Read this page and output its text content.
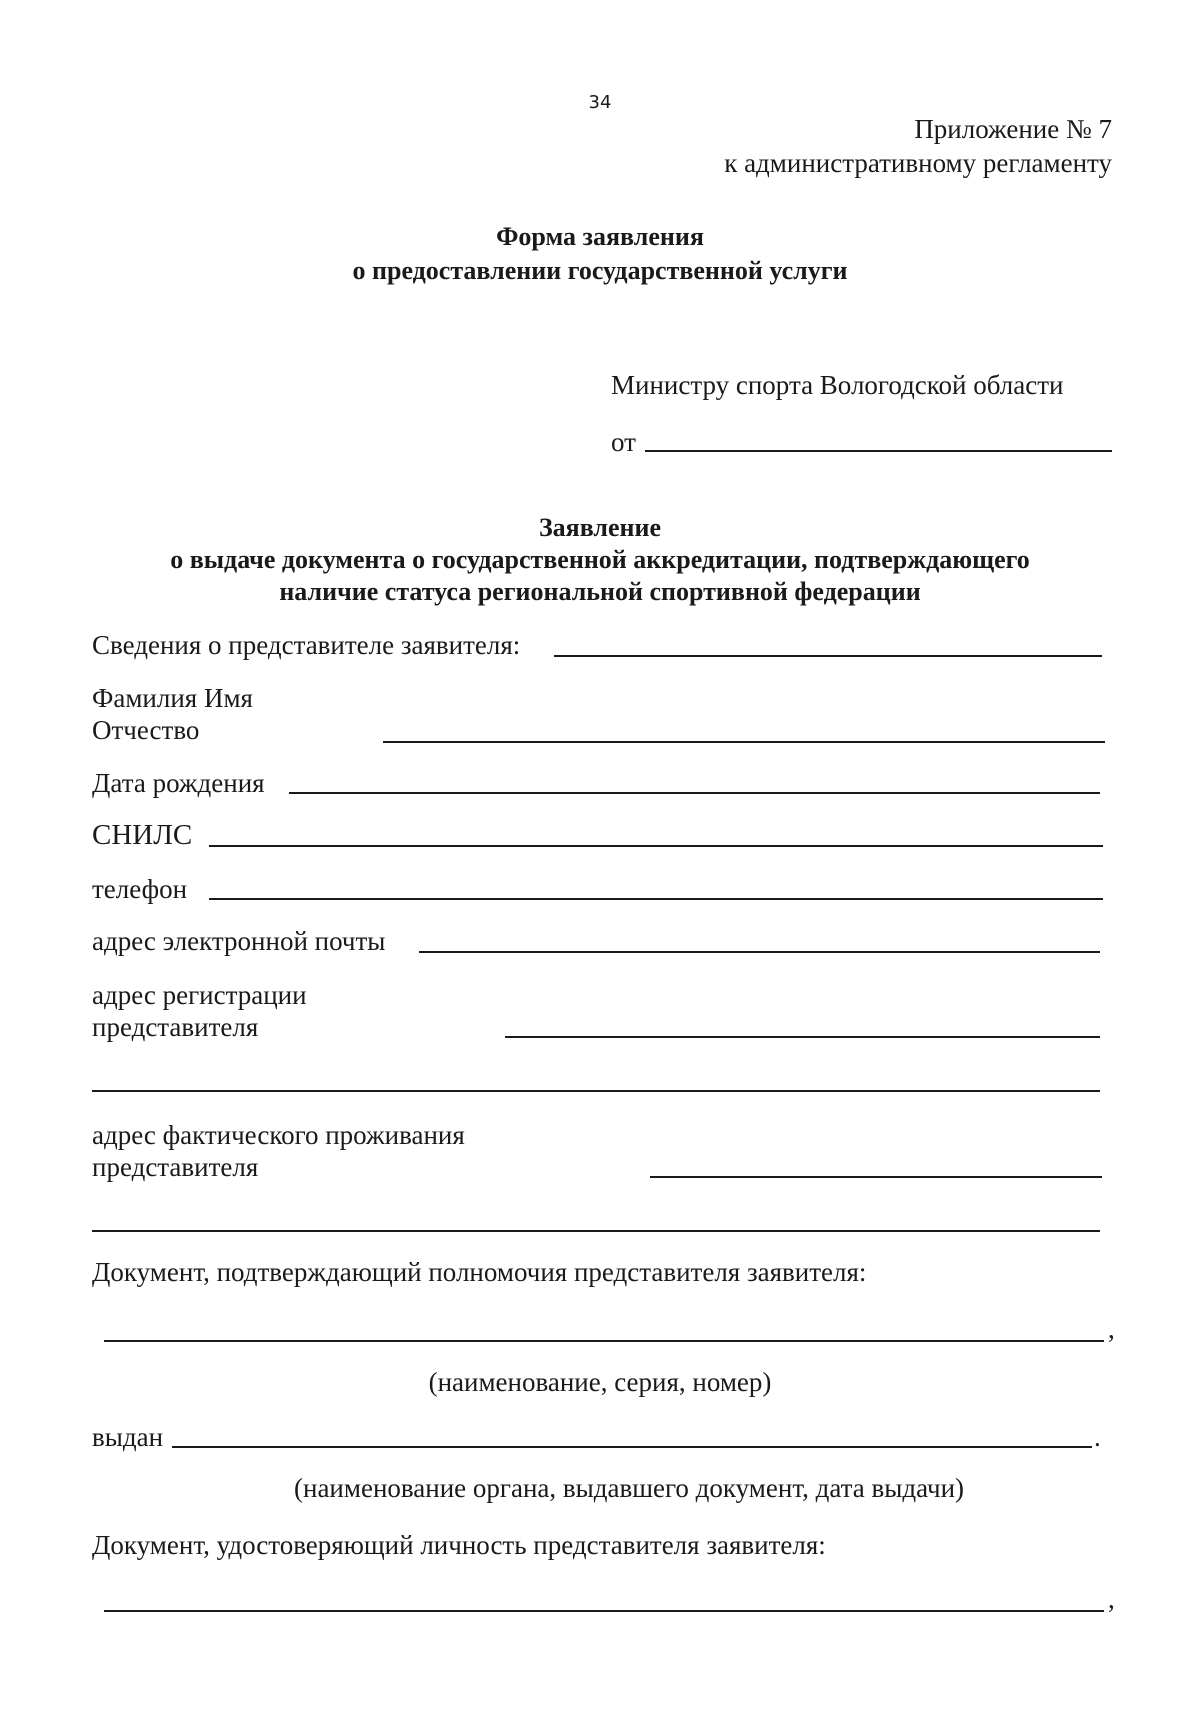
34
Приложение № 7
к административному регламенту
Форма заявления
о предоставлении государственной услуги
Министру спорта Вологодской области
от
Заявление
о выдаче документа о государственной аккредитации, подтверждающего
наличие статуса региональной спортивной федерации
Сведения о представителе заявителя:
Фамилия Имя
Отчество
Дата рождения
СНИЛС
телефон
адрес электронной почты
адрес регистрации
представителя
адрес фактического проживания
представителя
Документ, подтверждающий полномочия представителя заявителя:
,
(наименование, серия, номер)
выдан	.
(наименование органа, выдавшего документ, дата выдачи)
Документ, удостоверяющий личность представителя заявителя:
,
